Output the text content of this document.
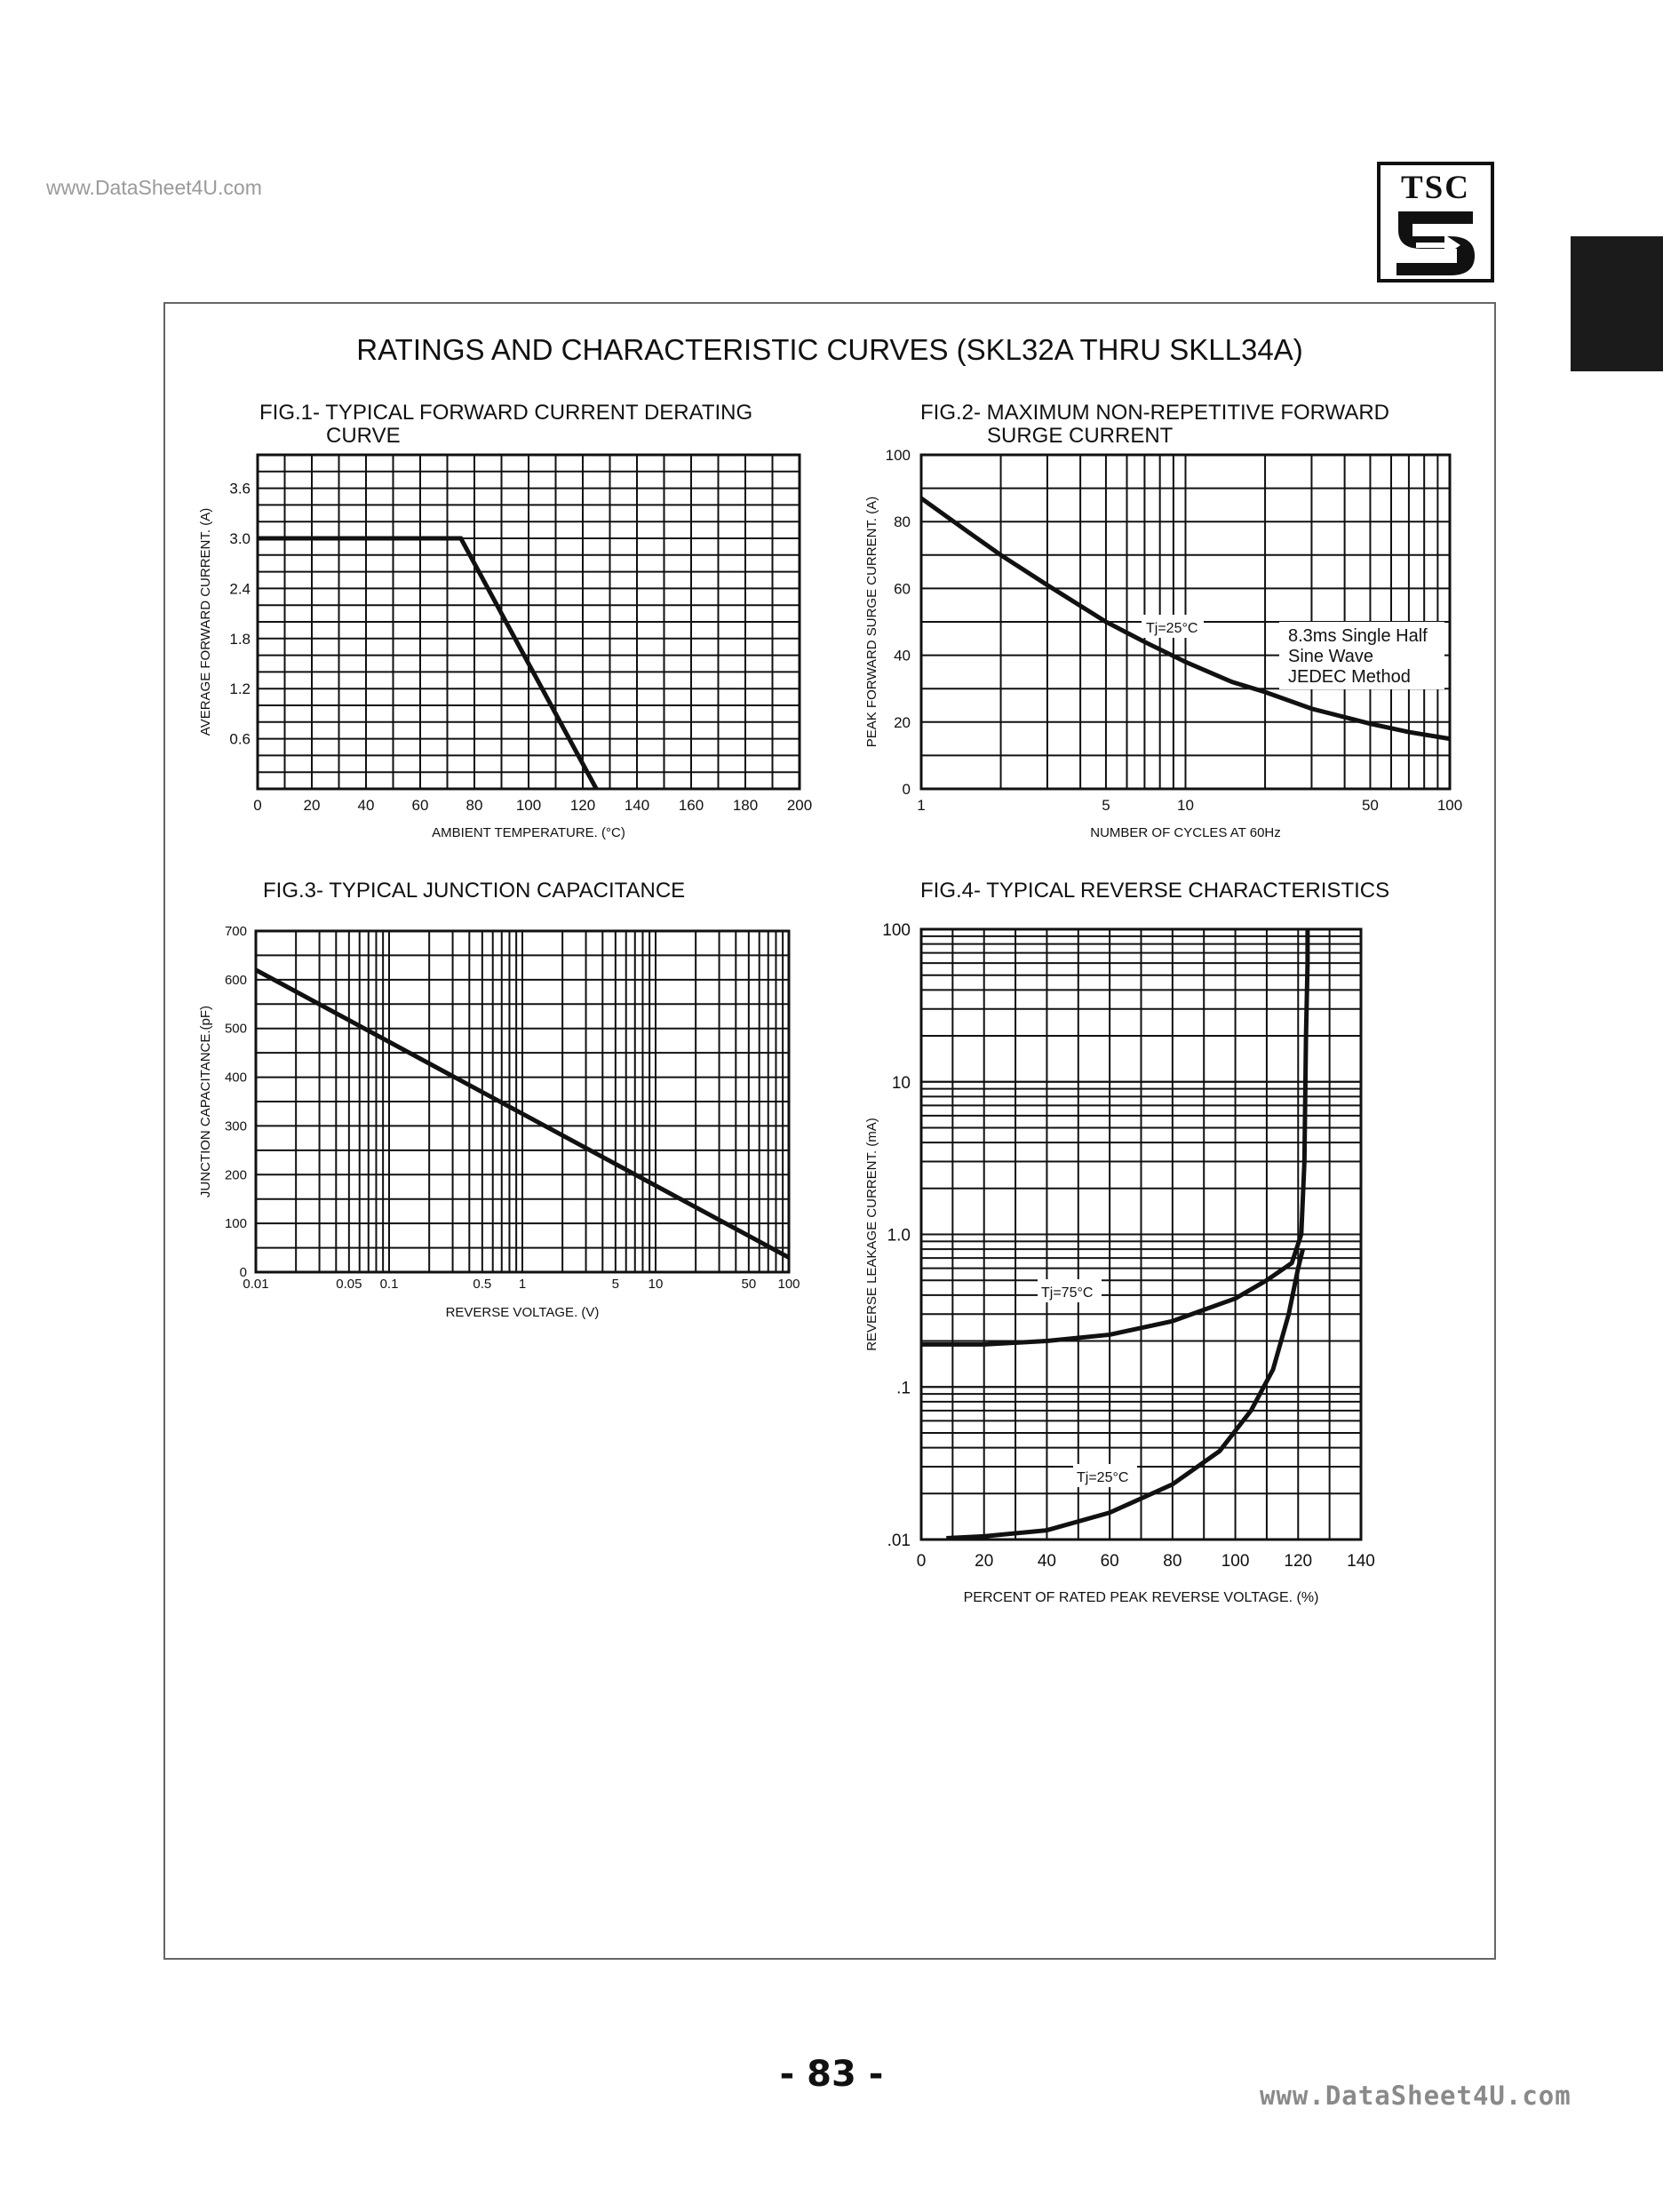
www.DataSheet4U.com	TSC
RATINGS AND CHARACTERISTIC CURVES (SKL32A THRU SKLL34A)
FIG.1- TYPICAL FORWARD CURRENT DERATING
CURVE
FIG.2- MAXIMUM NON-REPETITIVE FORWARD
SURGE CURRENT
FIG.3- TYPICAL JUNCTION CAPACITANCE	FIG.4- TYPICAL REVERSE CHARACTERISTICS
0	20 40 60 80 100 120 140 160 180 200
0.6
1.2
1.8
2.4
3.0
3.6
AMBIENT TEMPERATURE. (°C)
AVERAGE FORWARD CURRENT. (A)
1	5	10	50	100
0
20
40
60
80
100
NUMBER OF CYCLES AT 60Hz
PEAK FORWARD SURGE CURRENT. (A)	Tj=25°C	8.3ms Single Half
Sine Wave
JEDEC Method
0.01	0.05 0.1	0.5 1	5 10	50 100
0
100
200
300
400
500
600
700
REVERSE VOLTAGE. (V)
JUNCTION CAPACITANCE.(pF)
0	20	40	60	80 100 120 140
.01
.1
1.0
10
100
PERCENT OF RATED PEAK REVERSE VOLTAGE. (%)
REVERSE LEAKAGE CURRENT. (mA)	Tj=75°C
Tj=25°C
- 83 -
www.DataSheet4U.com
